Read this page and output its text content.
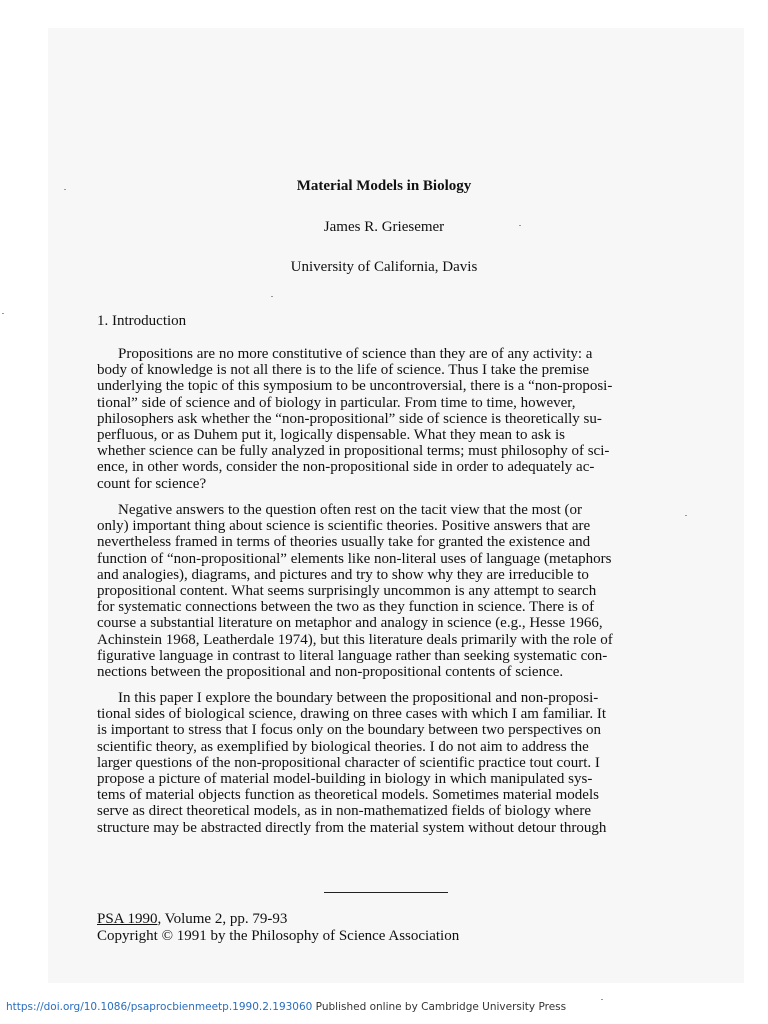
Material Models in Biology
James R. Griesemer
University of California, Davis
1. Introduction
Propositions are no more constitutive of science than they are of any activity: a
body of knowledge is not all there is to the life of science. Thus I take the premise
underlying the topic of this symposium to be uncontroversial, there is a “non-proposi-
tional” side of science and of biology in particular. From time to time, however,
philosophers ask whether the “non-propositional” side of science is theoretically su-
perfluous, or as Duhem put it, logically dispensable. What they mean to ask is
whether science can be fully analyzed in propositional terms; must philosophy of sci-
ence, in other words, consider the non-propositional side in order to adequately ac-
count for science?
Negative answers to the question often rest on the tacit view that the most (or
only) important thing about science is scientific theories. Positive answers that are
nevertheless framed in terms of theories usually take for granted the existence and
function of “non-propositional” elements like non-literal uses of language (metaphors
and analogies), diagrams, and pictures and try to show why they are irreducible to
propositional content. What seems surprisingly uncommon is any attempt to search
for systematic connections between the two as they function in science. There is of
course a substantial literature on metaphor and analogy in science (e.g., Hesse 1966,
Achinstein 1968, Leatherdale 1974), but this literature deals primarily with the role of
figurative language in contrast to literal language rather than seeking systematic con-
nections between the propositional and non-propositional contents of science.
In this paper I explore the boundary between the propositional and non-proposi-
tional sides of biological science, drawing on three cases with which I am familiar. It
is important to stress that I focus only on the boundary between two perspectives on
scientific theory, as exemplified by biological theories. I do not aim to address the
larger questions of the non-propositional character of scientific practice tout court. I
propose a picture of material model-building in biology in which manipulated sys-
tems of material objects function as theoretical models. Sometimes material models
serve as direct theoretical models, as in non-mathematized fields of biology where
structure may be abstracted directly from the material system without detour through
PSA 1990, Volume 2, pp. 79-93
Copyright © 1991 by the Philosophy of Science Association
https://doi.org/10.1086/psaprocbienmeetp.1990.2.193060 Published online by Cambridge University Press
